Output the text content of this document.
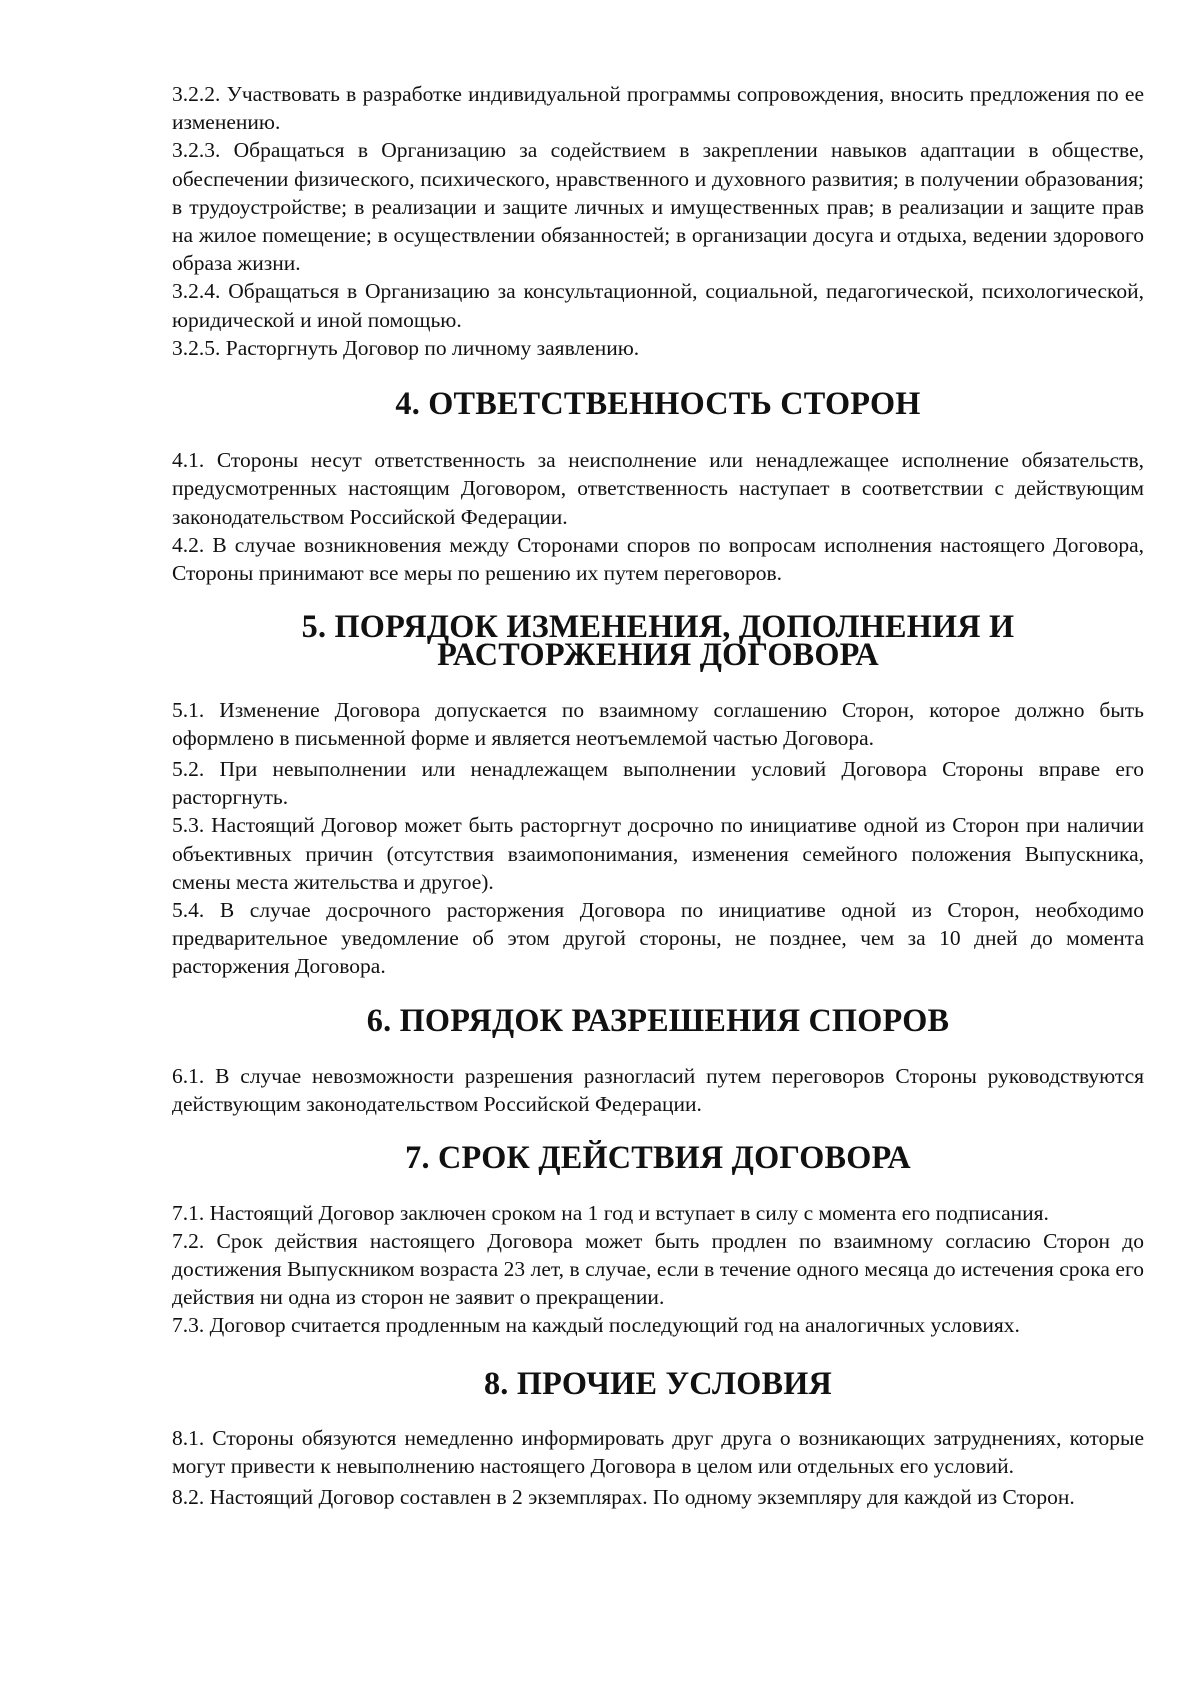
3.2.2. Участвовать в разработке индивидуальной программы сопровождения, вносить предложения по ее изменению.

3.2.3. Обращаться в Организацию за содействием в закреплении навыков адаптации в обществе, обеспечении физического, психического, нравственного и духовного развития; в получении образования; в трудоустройстве; в реализации и защите личных и имущественных прав; в реализации и защите прав на жилое помещение; в осуществлении обязанностей; в организации досуга и отдыха, ведении здорового образа жизни.

3.2.4. Обращаться в Организацию за консультационной, социальной, педагогической, психологической, юридической и иной помощью.

3.2.5. Расторгнуть Договор по личному заявлению.

4. ОТВЕТСТВЕННОСТЬ СТОРОН

4.1. Стороны несут ответственность за неисполнение или ненадлежащее исполнение обязательств, предусмотренных настоящим Договором, ответственность наступает в соответствии с действующим законодательством Российской Федерации.

4.2. В случае возникновения между Сторонами споров по вопросам исполнения настоящего Договора, Стороны принимают все меры по решению их путем переговоров.

5. ПОРЯДОК ИЗМЕНЕНИЯ, ДОПОЛНЕНИЯ И РАСТОРЖЕНИЯ ДОГОВОРА

5.1. Изменение Договора допускается по взаимному соглашению Сторон, которое должно быть оформлено в письменной форме и является неотъемлемой частью Договора.

5.2. При невыполнении или ненадлежащем выполнении условий Договора Стороны вправе его расторгнуть.

5.3. Настоящий Договор может быть расторгнут досрочно по инициативе одной из Сторон при наличии объективных причин (отсутствия взаимопонимания, изменения семейного положения Выпускника, смены места жительства и другое).

5.4. В случае досрочного расторжения Договора по инициативе одной из Сторон, необходимо предварительное уведомление об этом другой стороны, не позднее, чем за 10 дней до момента расторжения Договора.

6. ПОРЯДОК РАЗРЕШЕНИЯ СПОРОВ

6.1. В случае невозможности разрешения разногласий путем переговоров Стороны руководствуются действующим законодательством Российской Федерации.

7. СРОК ДЕЙСТВИЯ ДОГОВОРА

7.1. Настоящий Договор заключен сроком на 1 год и вступает в силу с момента его подписания.

7.2. Срок действия настоящего Договора может быть продлен по взаимному согласию Сторон до достижения Выпускником возраста 23 лет, в случае, если в течение одного месяца до истечения срока его действия ни одна из сторон не заявит о прекращении.

7.3. Договор считается продленным на каждый последующий год на аналогичных условиях.

8. ПРОЧИЕ УСЛОВИЯ

8.1. Стороны обязуются немедленно информировать друг друга о возникающих затруднениях, которые могут привести к невыполнению настоящего Договора в целом или отдельных его условий.

8.2. Настоящий Договор составлен в 2 экземплярах. По одному экземпляру для каждой из Сторон.
